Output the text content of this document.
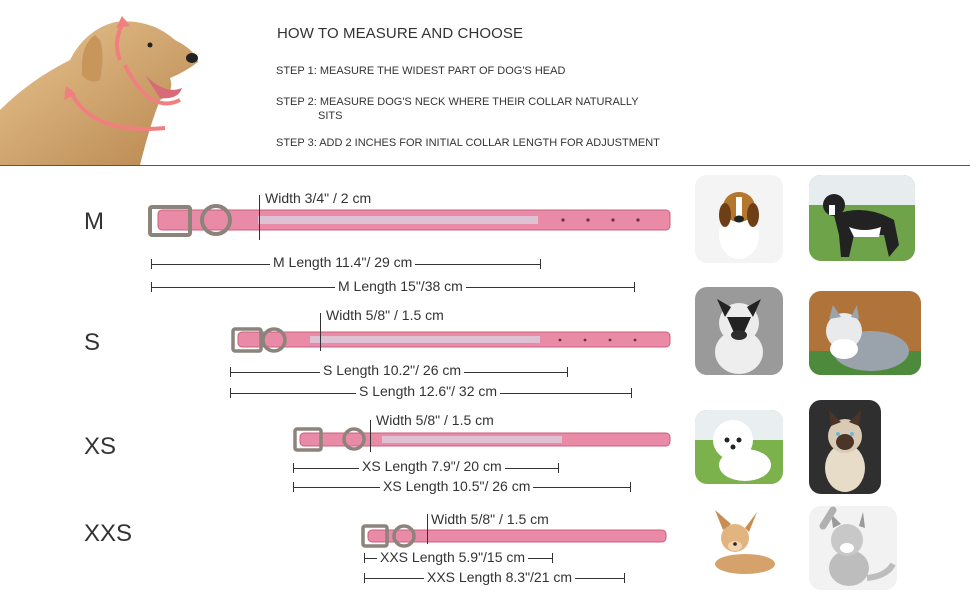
HOW TO MEASURE AND CHOOSE
STEP 1: MEASURE THE WIDEST PART OF DOG'S HEAD
STEP 2: MEASURE DOG'S NECK WHERE THEIR COLLAR NATURALLY
SITS
STEP 3: ADD 2 INCHES FOR INITIAL COLLAR LENGTH FOR ADJUSTMENT
M
Width 3/4" / 2 cm
M Length 11.4"/ 29 cm
M Length 15"/38 cm
S
Width 5/8" / 1.5 cm
S Length 10.2"/ 26 cm
S Length 12.6"/ 32 cm
XS
Width 5/8" / 1.5 cm
XS Length 7.9"/ 20 cm
XS Length 10.5"/ 26 cm
XXS
Width 5/8" / 1.5 cm
XXS Length 5.9"/15 cm
XXS Length 8.3"/21 cm
